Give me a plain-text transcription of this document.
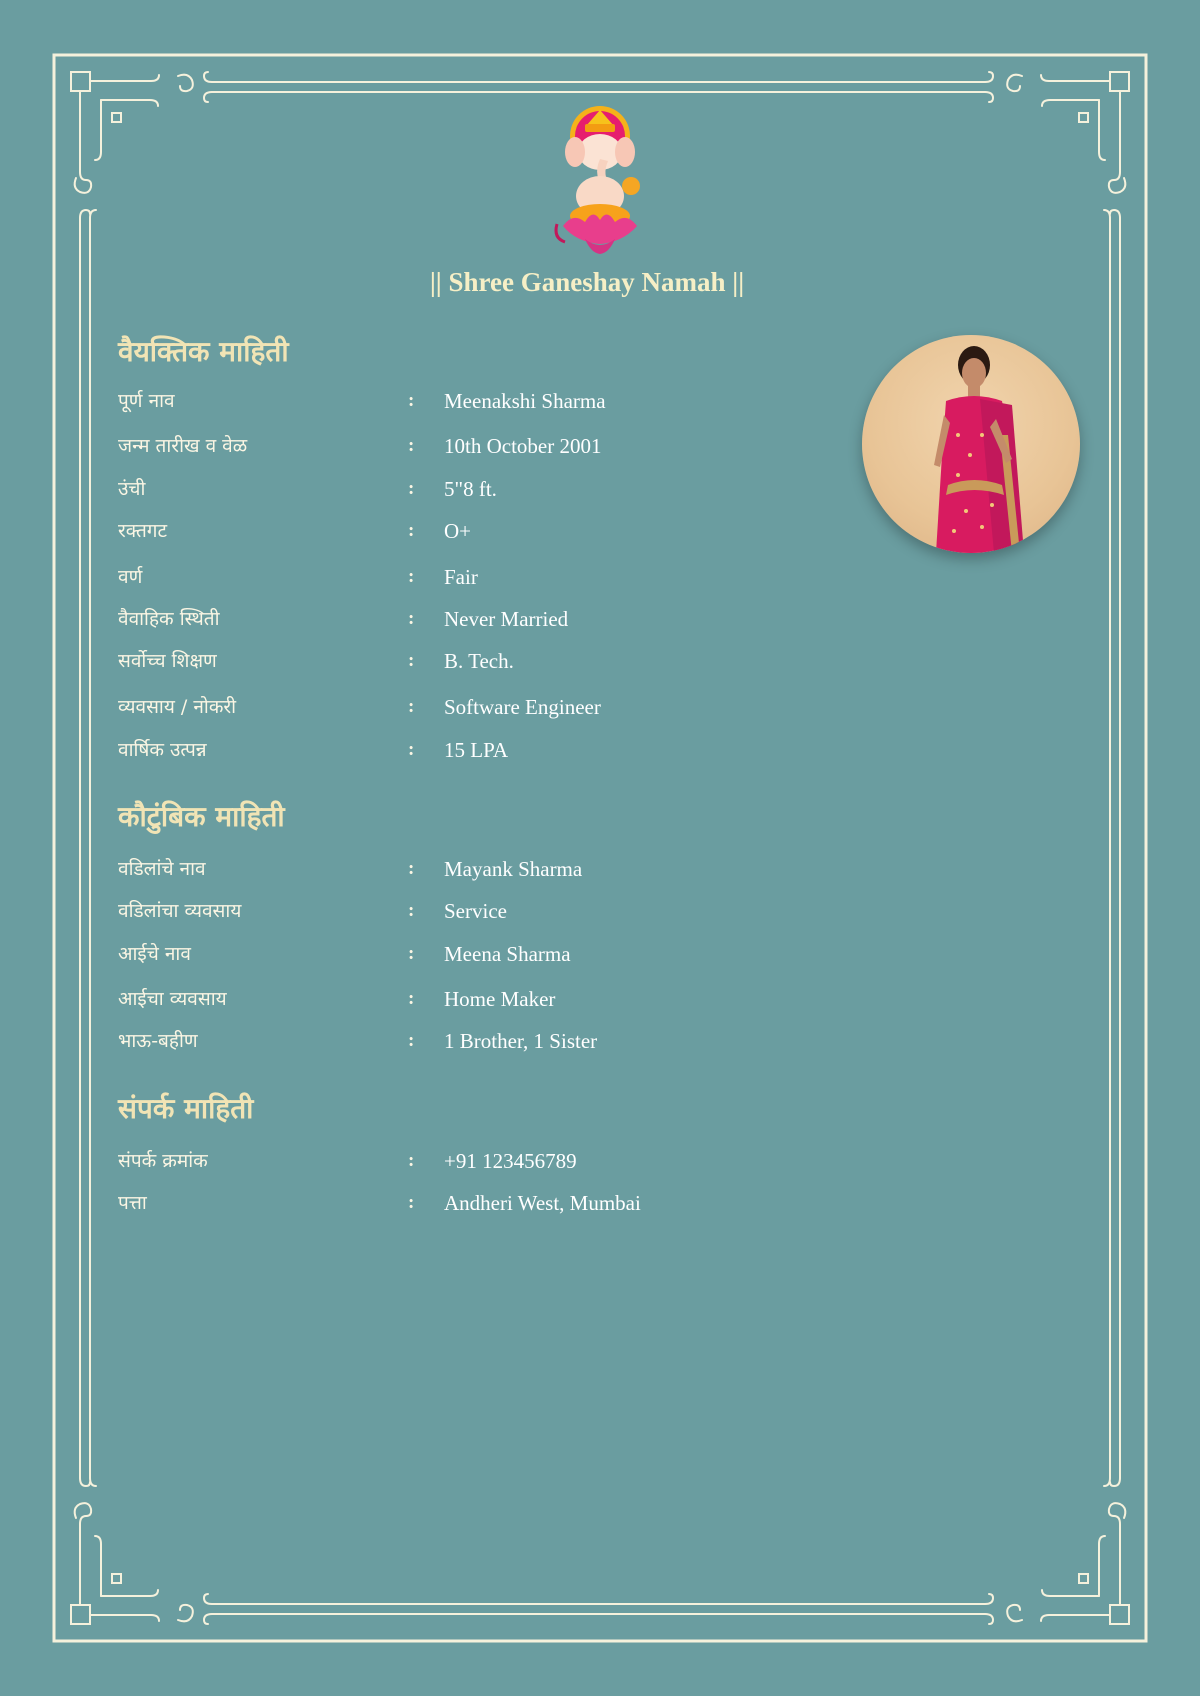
|| Shree Ganeshay Namah ||
वैयक्तिक माहिती
पूर्ण नाव	: Meenakshi Sharma
जन्म तारीख व वेळ	: 10th October 2001
उंची	: 5"8 ft.
रक्तगट	: O+
वर्ण	: Fair
वैवाहिक स्थिती	: Never Married
सर्वोच्च शिक्षण	: B. Tech.
व्यवसाय / नोकरी	: Software Engineer
वार्षिक उत्पन्न	: 15 LPA
कौटुंबिक माहिती
वडिलांचे नाव	: Mayank Sharma
वडिलांचा व्यवसाय	: Service
आईचे नाव	: Meena Sharma
आईचा व्यवसाय	: Home Maker
भाऊ-बहीण	: 1 Brother, 1 Sister
संपर्क माहिती
संपर्क क्रमांक	: +91 123456789
पत्ता	: Andheri West, Mumbai
